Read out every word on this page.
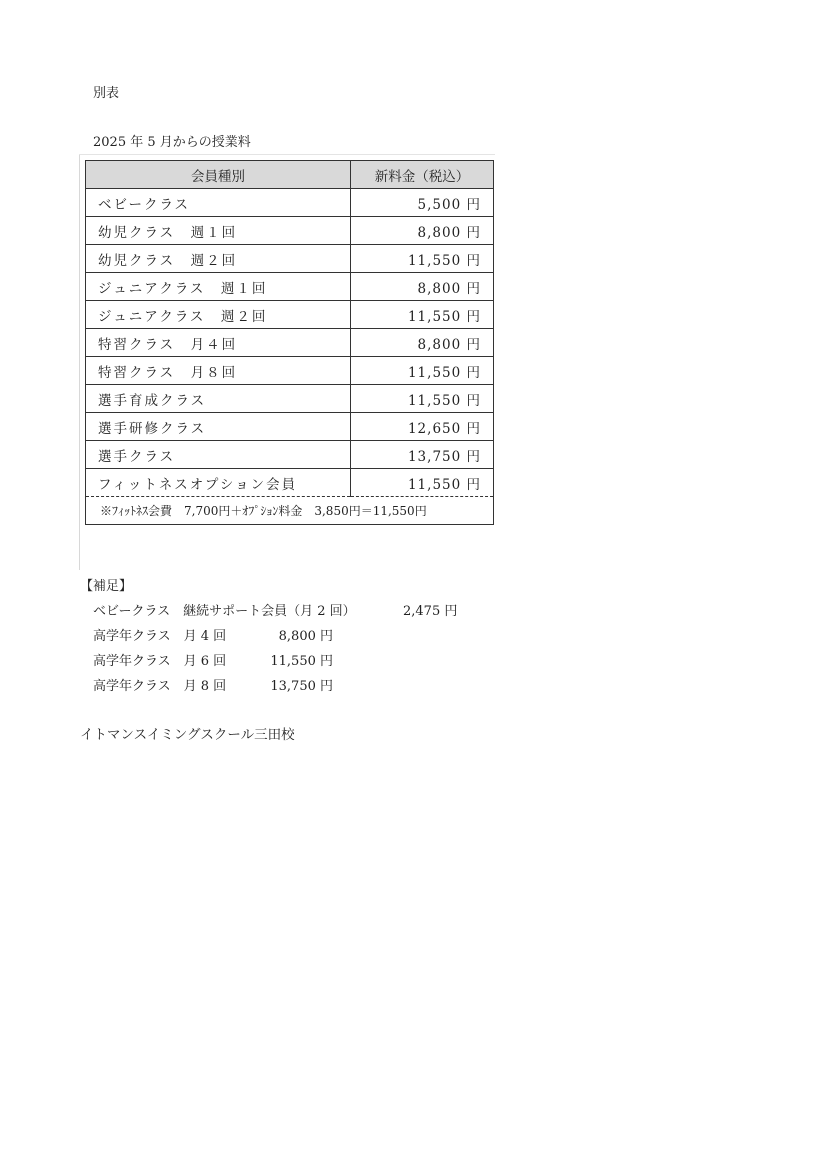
別表
2025 年 5 月からの授業料
会員種別	新料金（税込）
ベビークラス	5,500 円
幼児クラス　週１回	8,800 円
幼児クラス　週２回	11,550 円
ジュニアクラス　週１回	8,800 円
ジュニアクラス　週２回	11,550 円
特習クラス　月４回	8,800 円
特習クラス　月８回	11,550 円
選手育成クラス	11,550 円
選手研修クラス	12,650 円
選手クラス	13,750 円
フィットネスオプション会員	11,550 円
※ﾌｨｯﾄﾈｽ会費　7,700円＋ｵﾌﾟｼｮﾝ料金　3,850円＝11,550円	
【補足】
ベビークラス　継続サポート会員（月 2 回）	2,475 円
高学年クラス　月 4 回	8,800 円
高学年クラス　月 6 回	11,550 円
高学年クラス　月 8 回	13,750 円
イトマンスイミングスクール三田校
